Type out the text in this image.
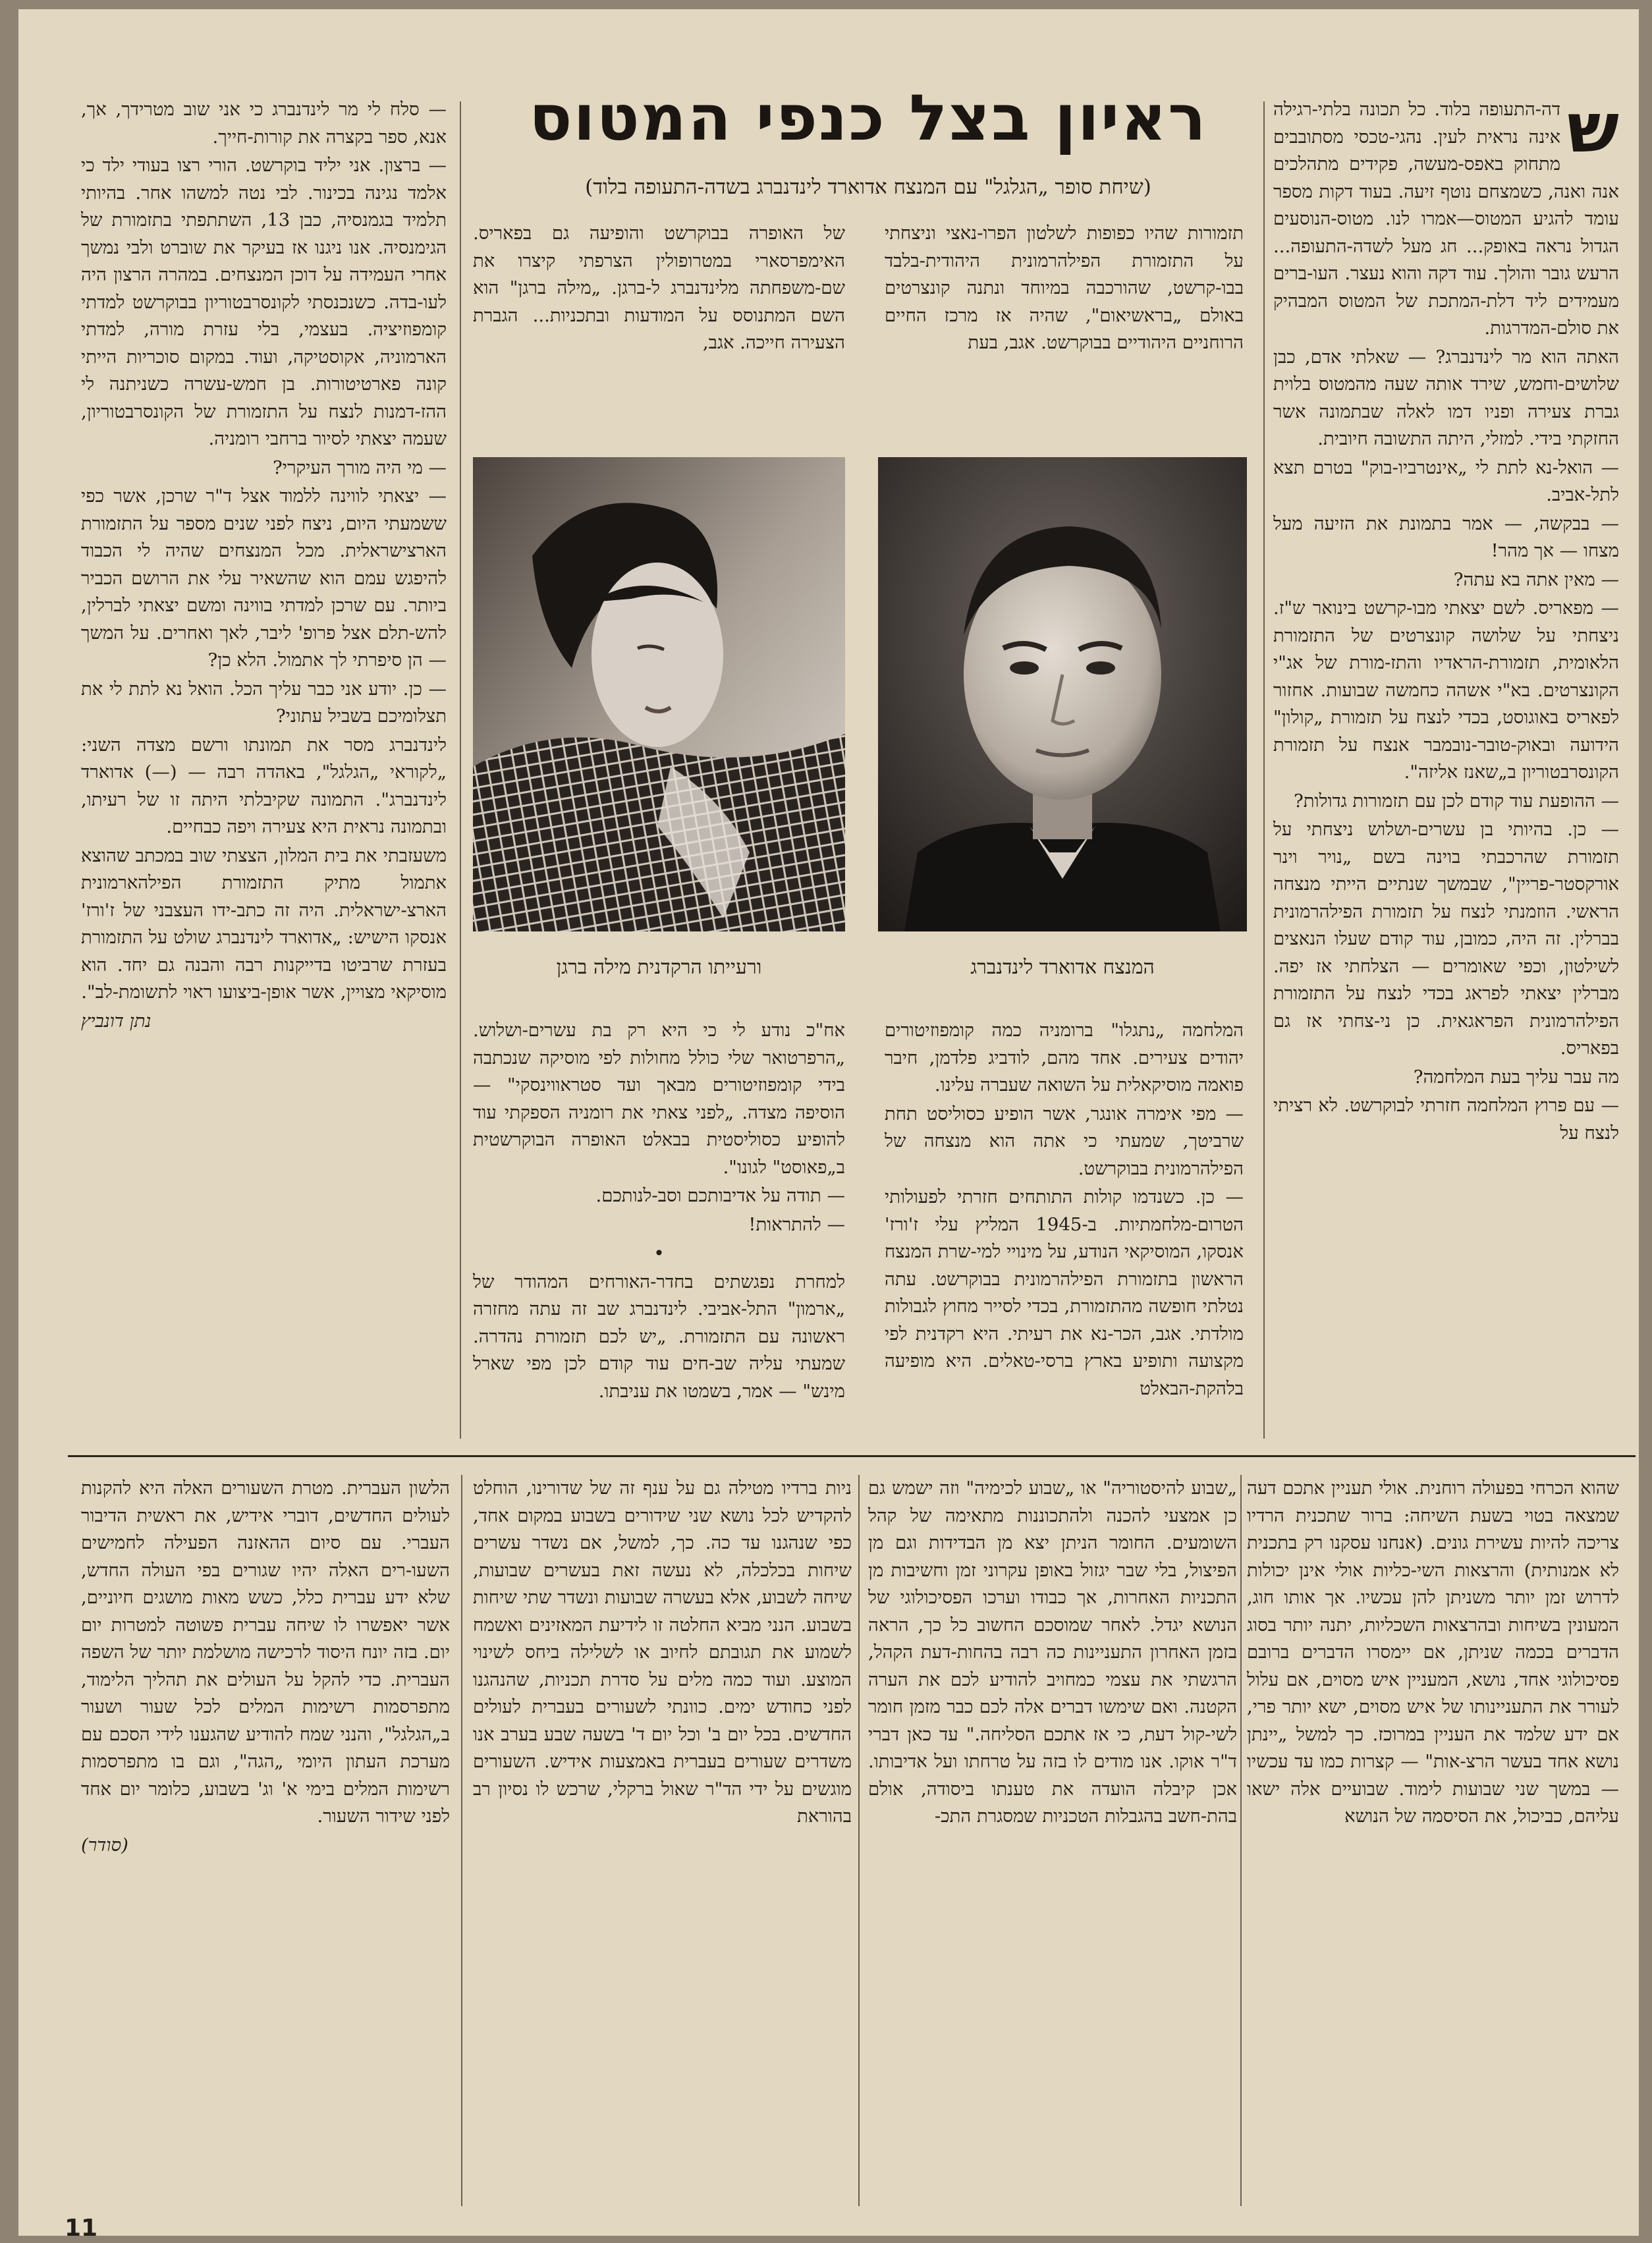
ראיון בצל כנפי המטוס
(שיחת סופר „הגלגל" עם המנצח אדוארד לינדנברג בשדה-התעופה בלוד)
ש

דה-התעופה בלוד. כל תכונה בלתי-רגילה אינה נראית לעין. נהגי-טכסי מסתובבים מתחוק באפס-מעשה, פקידים מתהלכים אנה ואנה, כשמצחם נוטף זיעה. בעוד דקות מספר עומד להגיע המטוס—אמרו לנו. מטוס-הנוסעים הגדול נראה באופק... חג מעל לשדה-התעופה... הרעש גובר והולך. עוד דקה והוא נעצר. העו-ברים מעמידים ליד דלת-המתכת של המטוס המבהיק את סולם-המדרגות.

האתה הוא מר לינדנברג? — שאלתי אדם, כבן שלושים-וחמש, שירד אותה שעה מהמטוס בלוית גברת צעירה ופניו דמו לאלה שבתמונה אשר החזקתי בידי. למזלי, היתה התשובה חיובית.

— הואל-נא לתת לי „אינטרביו-בוק" בטרם תצא לתל-אביב.

— בבקשה, — אמר בתמונת את הזיעה מעל מצחו — אך מהר!

— מאין אתה בא עתה?

— מפאריס. לשם יצאתי מבו-קרשט בינואר ש"ז. ניצחתי על שלושה קונצרטים של התזמורת הלאומית, תזמורת-הראדיו והתז-מורת של אג"י הקונצרטים. בא"י אשהה כחמשה שבועות. אחזור לפאריס באוגוסט, בכדי לנצח על תזמורת „קולון" הידועה ובאוק-טובר-נובמבר אנצח על תזמורת הקונסרבטוריון ב„שאנז אליזה".

— ההופעת עוד קודם לכן עם תזמורות גדולות?

— כן. בהיותי בן עשרים-ושלוש ניצחתי על תזמורת שהרכבתי בוינה בשם „נויר וינר אורקסטר-פריין", שבמשך שנתיים הייתי מנצחה הראשי. הוזמנתי לנצח על תזמורת הפילהרמונית בברלין. זה היה, כמובן, עוד קודם שעלו הנאצים לשילטון, וכפי שאומרים — הצלחתי אז יפה. מברלין יצאתי לפראג בכדי לנצח על התזמורת הפילהרמונית הפראגאית. כן ני-צחתי אז גם בפאריס.

מה עבר עליך בעת המלחמה?

— עם פרוץ המלחמה חזרתי לבוקרשט. לא רציתי לנצח על

תזמורות שהיו כפופות לשלטון הפרו-נאצי וניצחתי על התזמורת הפילהרמונית היהודית-בלבד בבו-קרשט, שהורכבה במיוחד ונתנה קונצרטים באולם „בראשיאום", שהיה אז מרכז החיים הרוחניים היהודיים בבוקרשט. אגב, בעת

של האופרה בבוקרשט והופיעה גם בפאריס. האימפרסארי במטרופולין הצרפתי קיצרו את שם-משפחתה מלינדנברג ל-ברגן. „מילה ברגן" הוא השם המתנוסס על המודעות ובתכניות... הגברת הצעירה חייכה. אגב,

המנצח אדוארד לינדנברג
ורעייתו הרקדנית מילה ברגן

המלחמה „נתגלו" ברומניה כמה קומפוזיטורים יהודים צעירים. אחד מהם, לודביג פלדמן, חיבר פואמה מוסיקאלית על השואה שעברה עלינו.

— מפי אימרה אונגר, אשר הופיע כסוליסט תחת שרביטך, שמעתי כי אתה הוא מנצחה של הפילהרמונית בבוקרשט.

— כן. כשנדמו קולות התותחים חזרתי לפעולותי הטרום-מלחמתיות. ב-1945 המליץ עלי ז'ורז' אנסקו, המוסיקאי הנודע, על מינויי למי-שרת המנצח הראשון בתזמורת הפילהרמונית בבוקרשט. עתה נטלתי חופשה מהתזמורת, בכדי לסייר מחוץ לגבולות מולדתי. אגב, הכר-נא את רעיתי. היא רקדנית לפי מקצועה ותופיע בארץ ברסי-טאלים. היא מופיעה בלהקת-הבאלט

אח"כ נודע לי כי היא רק בת עשרים-ושלוש. „הרפרטואר שלי כולל מחולות לפי מוסיקה שנכתבה בידי קומפוזיטורים מבאך ועד סטראווינסקי" — הוסיפה מצדה. „לפני צאתי את רומניה הספקתי עוד להופיע כסוליסטית בבאלט האופרה הבוקרשטית ב„פאוסט" לגונו".

— תודה על אדיבותכם וסב-לנותכם.

— להתראות!

•

למחרת נפגשתים בחדר-האורחים המהודר של „ארמון" התל-אביבי. לינדנברג שב זה עתה מחזרה ראשונה עם התזמורת. „יש לכם תזמורת נהדרה. שמעתי עליה שב-חים עוד קודם לכן מפי שארל מינש" — אמר, בשמטו את עניבתו.

— סלח לי מר לינדנברג כי אני שוב מטרידך, אך, אנא, ספר בקצרה את קורות-חייך.

— ברצון. אני יליד בוקרשט. הורי רצו בעודי ילד כי אלמד נגינה בכינור. לבי נטה למשהו אחר. בהיותי תלמיד בגמנסיה, כבן 13, השתתפתי בתזמורת של הגימנסיה. אנו ניגנו אז בעיקר את שוברט ולבי נמשך אחרי העמידה על דוכן המנצחים. במהרה הרצון היה לעו-בדה. כשנכנסתי לקונסרבטוריון בבוקרשט למדתי קומפוזיציה. בעצמי, בלי עזרת מורה, למדתי הארמוניה, אקוסטיקה, ועוד. במקום סוכריות הייתי קונה פארטיטורות. בן חמש-עשרה כשניתנה לי ההז-דמנות לנצח על התזמורת של הקונסרבטוריון, שעמה יצאתי לסיור ברחבי רומניה.

— מי היה מורך העיקרי?

— יצאתי לווינה ללמוד אצל ד"ר שרכן, אשר כפי ששמעתי היום, ניצח לפני שנים מספר על התזמורת הארצישראלית. מכל המנצחים שהיה לי הכבוד להיפגש עמם הוא שהשאיר עלי את הרושם הכביר ביותר. עם שרכן למדתי בווינה ומשם יצאתי לברלין, להש-תלם אצל פרופ' ליבר, לאך ואחרים. על המשך — הן סיפרתי לך אתמול. הלא כן?

— כן. יודע אני כבר עליך הכל. הואל נא לתת לי את תצלומיכם בשביל עתוני?

לינדנברג מסר את תמונתו ורשם מצדה השני: „לקוראי „הגלגל", באהדה רבה — (—) אדוארד לינדנברג". התמונה שקיבלתי היתה זו של רעיתו, ובתמונה נראית היא צעירה ויפה כבחיים.

משעזבתי את בית המלון, הצצתי שוב במכתב שהוצא אתמול מתיק התזמורת הפילהארמונית הארצ-ישראלית. היה זה כתב-ידו העצבני של ז'ורז' אנסקו הישיש: „אדוארד לינדנברג שולט על התזמורת בעזרת שרביטו בדייקנות רבה והבנה גם יחד. הוא מוסיקאי מצויין, אשר אופן-ביצועו ראוי לתשומת-לב".

נתן דונביץ

שהוא הכרחי בפעולה רוחנית. אולי תעניין אתכם דעה שמצאה בטוי בשעת השיחה: ברור שתכנית הרדיו צריכה להיות עשירת גונים. (אנחנו עסקנו רק בתכנית לא אמנותית) והרצאות השי-כליות אולי אינן יכולות לדרוש זמן יותר משניתן להן עכשיו. אך אותו חוג, המעונין בשיחות ובהרצאות השכליות, יתנה יותר בסוג הדברים בכמה שניתן, אם יימסרו הדברים ברובם פסיכולוגי אחד, נושא, המעניין איש מסוים, אם עלול לעורר את התעניינותו של איש מסוים, ישא יותר פרי, אם ידע שלמד את העניין במרוכז. כך למשל „יינתן נושא אחד בעשר הרצ-אות" — קצרות כמו עד עכשיו — במשך שני שבועות לימוד. שבועיים אלה ישאו עליהם, כביכול, את הסיסמה של הנושא

„שבוע להיסטוריה" או „שבוע לכימיה" וזה ישמש גם כן אמצעי להכנה ולהתכוננות מתאימה של קהל השומעים. החומר הניתן יצא מן הבדידות וגם מן הפיצול, בלי שבר יגזול באופן עקרוני זמן וחשיבות מן התכניות האחרות, אך כבודו וערכו הפסיכולוגי של הנושא יגדל. לאחר שמוסכם החשוב כל כך, הראה בזמן האחרון התעניינות כה רבה בהחות-דעת הקהל, הרגשתי את עצמי כמחויב להודיע לכם את הערה הקטנה. ואם שימשו דברים אלה לכם כבר מזמן חומר לשי-קול דעת, כי אז אתכם הסליחה." עד כאן דברי ד"ר אוקו. אנו מודים לו בזה על טרחתו ועל אדיבותו. אכן קיבלה הועדה את טענתו ביסודה, אולם בהת-חשב בהגבלות הטכניות שמסגרת התכ-

ניות ברדיו מטילה גם על ענף זה של שדורינו, הוחלט להקדיש לכל נושא שני שידורים בשבוע במקום אחד, כפי שנהגנו עד כה. כך, למשל, אם נשדר עשרים שיחות בכלכלה, לא נעשה זאת בעשרים שבועות, שיחה לשבוע, אלא בעשרה שבועות ונשדר שתי שיחות בשבוע. הנני מביא החלטה זו לידיעת המאזינים ואשמח לשמוע את תגובתם לחיוב או לשלילה ביחס לשינוי המוצע. ועוד כמה מלים על סדרת תכניות, שהנהגנו לפני כחודש ימים. כוונתי לשעורים בעברית לעולים החדשים. בכל יום ב' וכל יום ד' בשעה שבע בערב אנו משדרים שעורים בעברית באמצעות אידיש. השעורים מוגשים על ידי הד"ר שאול ברקלי, שרכש לו נסיון רב בהוראת

הלשון העברית. מטרת השעורים האלה היא להקנות לעולים החדשים, דוברי אידיש, את ראשית הדיבור העברי. עם סיום ההאזנה הפעילה לחמישים השעו-רים האלה יהיו שגורים בפי העולה החדש, שלא ידע עברית כלל, כשש מאות מושגים חיוניים, אשר יאפשרו לו שיחה עברית פשוטה למטרות יום יום. בזה יונח היסוד לרכישה מושלמת יותר של השפה העברית. כדי להקל על העולים את תהליך הלימוד, מתפרסמות רשימות המלים לכל שעור ושעור ב„הגלגל", והנני שמח להודיע שהגענו לידי הסכם עם מערכת העתון היומי „הגה", וגם בו מתפרסמות רשימות המלים בימי א' וג' בשבוע, כלומר יום אחד לפני שידור השעור.

(סודר)

11
